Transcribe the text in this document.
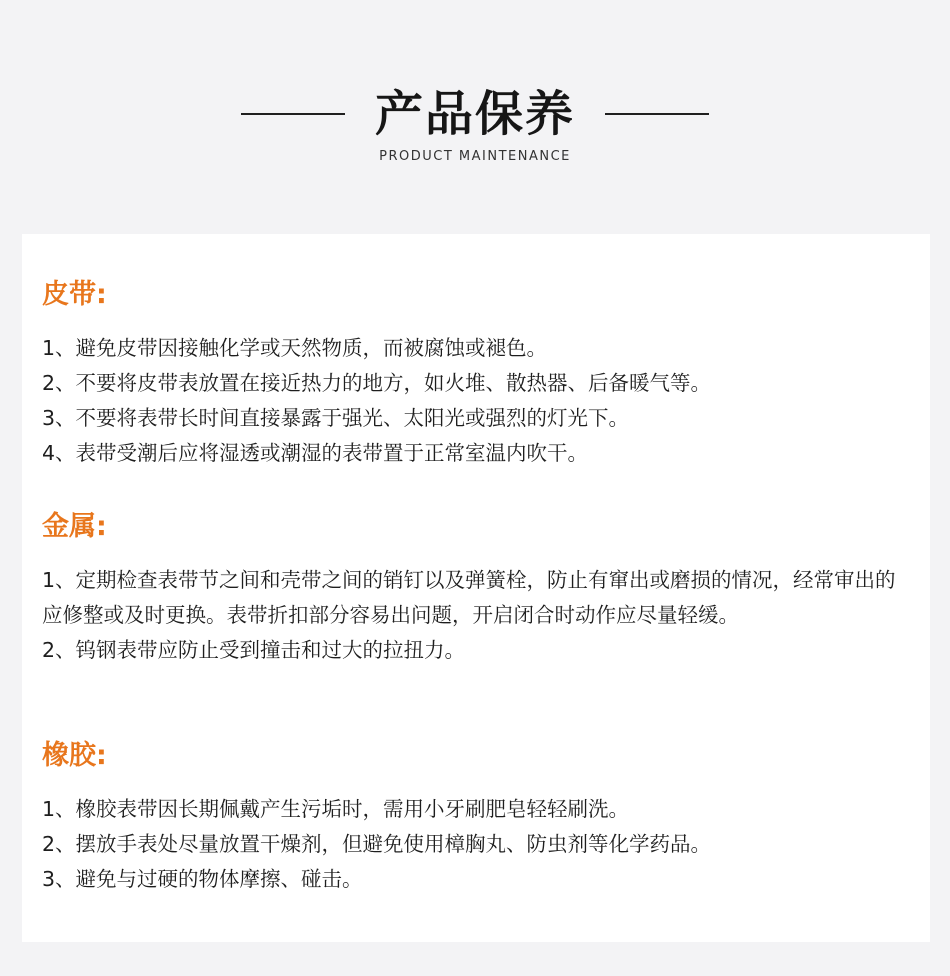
产品保养
PRODUCT MAINTENANCE
皮带:

1、避免皮带因接触化学或天然物质，而被腐蚀或褪色。

2、不要将皮带表放置在接近热力的地方，如火堆、散热器、后备暖气等。

3、不要将表带长时间直接暴露于强光、太阳光或强烈的灯光下。

4、表带受潮后应将湿透或潮湿的表带置于正常室温内吹干。

金属:

1、定期检查表带节之间和壳带之间的销钉以及弹簧栓，防止有窜出或磨损的情况，经常审出的应修整或及时更换。表带折扣部分容易出问题，开启闭合时动作应尽量轻缓。

2、钨钢表带应防止受到撞击和过大的拉扭力。

橡胶:

1、橡胶表带因长期佩戴产生污垢时，需用小牙刷肥皂轻轻刷洗。

2、摆放手表处尽量放置干燥剂，但避免使用樟胸丸、防虫剂等化学药品。

3、避免与过硬的物体摩擦、碰击。
